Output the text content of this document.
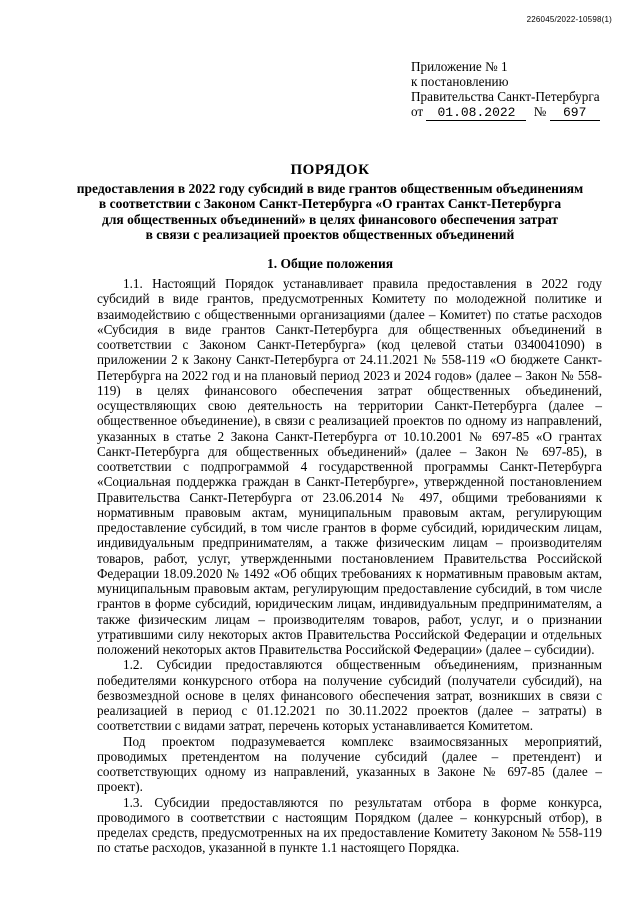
226045/2022-10598(1)
Приложение № 1
к постановлению
Правительства Санкт-Петербурга
от 01.08.2022 № 697
ПОРЯДОК
предоставления в 2022 году субсидий в виде грантов общественным объединениям
в соответствии с Законом Санкт-Петербурга «О грантах Санкт-Петербурга
для общественных объединений» в целях финансового обеспечения затрат
в связи с реализацией проектов общественных объединений
1. Общие положения

1.1. Настоящий Порядок устанавливает правила предоставления в 2022 году субсидий в виде грантов, предусмотренных Комитету по молодежной политике и взаимодействию с общественными организациями (далее – Комитет) по статье расходов «Субсидия в виде грантов Санкт-Петербурга для общественных объединений в соответствии с Законом Санкт-Петербурга» (код целевой статьи 0340041090) в приложении 2 к Закону Санкт-Петербурга от 24.11.2021 № 558-119 «О бюджете Санкт-Петербурга на 2022 год и на плановый период 2023 и 2024 годов» (далее – Закон № 558-119) в целях финансового обеспечения затрат общественных объединений, осуществляющих свою деятельность на территории Санкт-Петербурга (далее – общественное объединение), в связи с реализацией проектов по одному из направлений, указанных в статье 2 Закона Санкт-Петербурга от 10.10.2001 № 697-85 «О грантах Санкт-Петербурга для общественных объединений» (далее – Закон № 697-85), в соответствии с подпрограммой 4 государственной программы Санкт-Петербурга «Социальная поддержка граждан в Санкт-Петербурге», утвержденной постановлением Правительства Санкт-Петербурга от 23.06.2014 № 497, общими требованиями к нормативным правовым актам, муниципальным правовым актам, регулирующим предоставление субсидий, в том числе грантов в форме субсидий, юридическим лицам, индивидуальным предпринимателям, а также физическим лицам – производителям товаров, работ, услуг, утвержденными постановлением Правительства Российской Федерации 18.09.2020 № 1492 «Об общих требованиях к нормативным правовым актам, муниципальным правовым актам, регулирующим предоставление субсидий, в том числе грантов в форме субсидий, юридическим лицам, индивидуальным предпринимателям, а также физическим лицам – производителям товаров, работ, услуг, и о признании утратившими силу некоторых актов Правительства Российской Федерации и отдельных положений некоторых актов Правительства Российской Федерации» (далее – субсидии).

1.2. Субсидии предоставляются общественным объединениям, признанным победителями конкурсного отбора на получение субсидий (получатели субсидий), на безвозмездной основе в целях финансового обеспечения затрат, возникших в связи с реализацией в период с 01.12.2021 по 30.11.2022 проектов (далее – затраты) в соответствии с видами затрат, перечень которых устанавливается Комитетом.

Под проектом подразумевается комплекс взаимосвязанных мероприятий, проводимых претендентом на получение субсидий (далее – претендент) и соответствующих одному из направлений, указанных в Законе № 697-85 (далее – проект).

1.3. Субсидии предоставляются по результатам отбора в форме конкурса, проводимого в соответствии с настоящим Порядком (далее – конкурсный отбор), в пределах средств, предусмотренных на их предоставление Комитету Законом № 558-119 по статье расходов, указанной в пункте 1.1 настоящего Порядка.
